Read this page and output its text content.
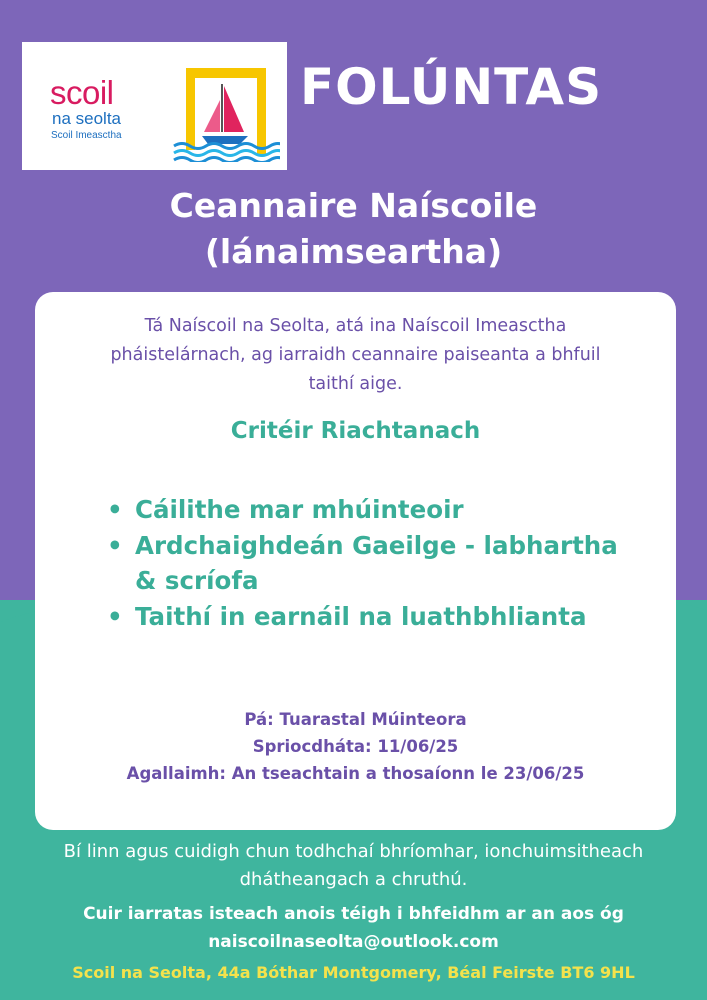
scoil
na seolta
Scoil Imeasctha
FOLÚNTAS
Ceannaire Naíscoile
(lánaimseartha)
Tá Naíscoil na Seolta, atá ina Naíscoil Imeasctha pháistelárnach, ag iarraidh ceannaire paiseanta a bhfuil taithí aige.
Critéir Riachtanach
• Cáilithe mar mhúinteoir
• Ardchaighdeán Gaeilge - labhartha & scríofa
• Taithí in earnáil na luathbhlianta
Pá: Tuarastal Múinteora
Spriocdháta: 11/06/25
Agallaimh: An tseachtain a thosaíonn le 23/06/25
Bí linn agus cuidigh chun todhchaí bhríomhar, ionchuimsitheach dhátheangach a chruthú.
Cuir iarratas isteach anois téigh i bhfeidhm ar an aos óg
naiscoilnaseolta@outlook.com
Scoil na Seolta, 44a Bóthar Montgomery, Béal Feirste BT6 9HL
